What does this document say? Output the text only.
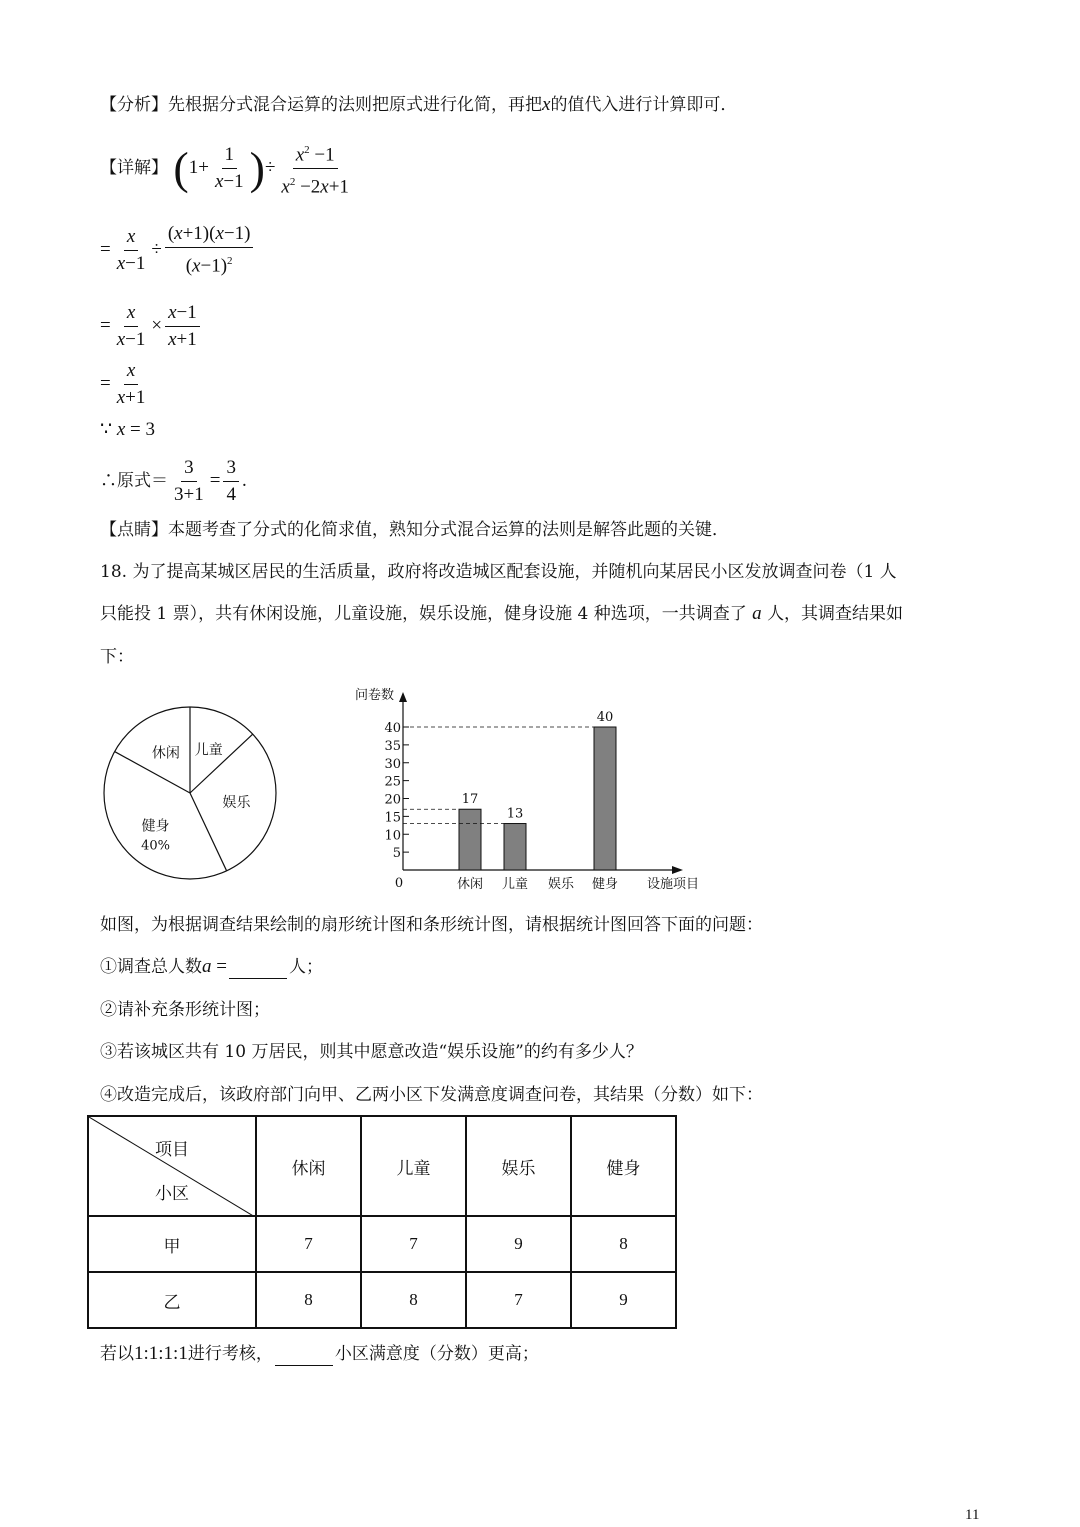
【分析】先根据分式混合运算的法则把原式进行化简，再把x的值代入进行计算即可．
【详解】 ($1+ \frac{1}{x-1}$ )÷ $\frac{x^2 -1}{x^2 -2x+1}$
= $\frac{x}{x-1} \div \frac{(x+1)(x-1)}{(x-1)^2}$
= $\frac{x}{x-1} \times \frac{x-1}{x+1}$
= $\frac{x}{x+1}$
∵ x = 3
∴原式＝ $\frac{3}{3+1} = \frac{3}{4}$ .
【点睛】本题考查了分式的化简求值，熟知分式混合运算的法则是解答此题的关键．
18. 为了提高某城区居民的生活质量，政府将改造城区配套设施，并随机向某居民小区发放调查问卷（1 人
只能投 1 票），共有休闲设施，儿童设施，娱乐设施，健身设施 4 种选项，一共调查了 a 人，其调查结果如
下：
儿童
娱乐
健身
40%
休闲
问卷数
设施项目
0
5
10
15
20
25
30
35
40
17
休闲
13
儿童 娱乐
40
健身
如图，为根据调查结果绘制的扇形统计图和条形统计图，请根据统计图回答下面的问题：
①调查总人数a =	人；
②请补充条形统计图；
③若该城区共有 10 万居民，则其中愿意改造“娱乐设施”的约有多少人？
④改造完成后，该政府部门向甲、乙两小区下发满意度调查问卷，其结果（分数）如下：
项目
小区	休闲	儿童	娱乐	健身
甲	7	7	9	8
乙	8	8	7	9
若以1:1:1:1进行考核，	小区满意度（分数）更高；
11
